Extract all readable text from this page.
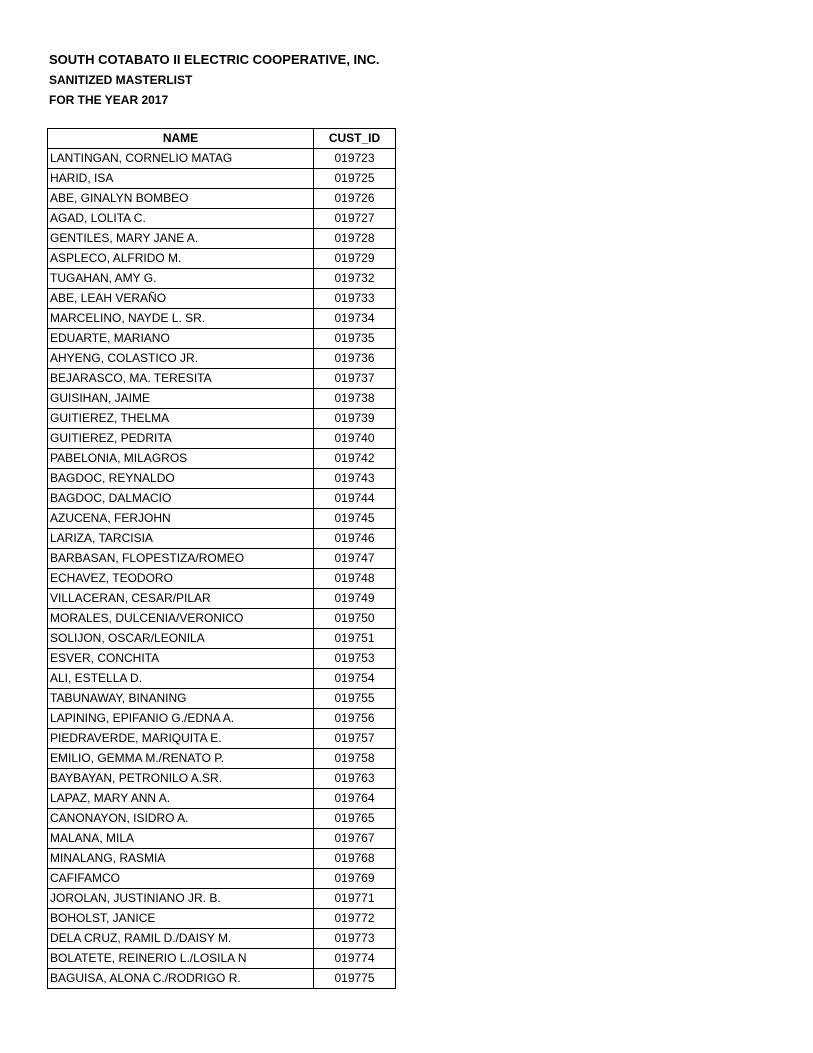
SOUTH COTABATO II ELECTRIC COOPERATIVE, INC.
SANITIZED MASTERLIST
FOR THE YEAR 2017
NAME	CUST_ID
LANTINGAN, CORNELIO MATAG	019723
HARID, ISA	019725
ABE, GINALYN BOMBEO	019726
AGAD, LOLITA C.	019727
GENTILES, MARY JANE A.	019728
ASPLECO, ALFRIDO M.	019729
TUGAHAN, AMY G.	019732
ABE, LEAH VERAÑO	019733
MARCELINO, NAYDE L. SR.	019734
EDUARTE, MARIANO	019735
AHYENG, COLASTICO JR.	019736
BEJARASCO, MA. TERESITA	019737
GUISIHAN, JAIME	019738
GUITIEREZ, THELMA	019739
GUITIEREZ, PEDRITA	019740
PABELONIA, MILAGROS	019742
BAGDOC, REYNALDO	019743
BAGDOC, DALMACIO	019744
AZUCENA, FERJOHN	019745
LARIZA, TARCISIA	019746
BARBASAN, FLOPESTIZA/ROMEO	019747
ECHAVEZ, TEODORO	019748
VILLACERAN, CESAR/PILAR	019749
MORALES, DULCENIA/VERONICO	019750
SOLIJON, OSCAR/LEONILA	019751
ESVER, CONCHITA	019753
ALI, ESTELLA D.	019754
TABUNAWAY, BINANING	019755
LAPINING, EPIFANIO G./EDNA A.	019756
PIEDRAVERDE, MARIQUITA E.	019757
EMILIO, GEMMA M./RENATO P.	019758
BAYBAYAN, PETRONILO A.SR.	019763
LAPAZ, MARY ANN A.	019764
CANONAYON, ISIDRO A.	019765
MALANA, MILA	019767
MINALANG, RASMIA	019768
CAFIFAMCO	019769
JOROLAN, JUSTINIANO JR. B.	019771
BOHOLST, JANICE	019772
DELA CRUZ, RAMIL D./DAISY M.	019773
BOLATETE, REINERIO L./LOSILA N	019774
BAGUISA, ALONA C./RODRIGO R.	019775
